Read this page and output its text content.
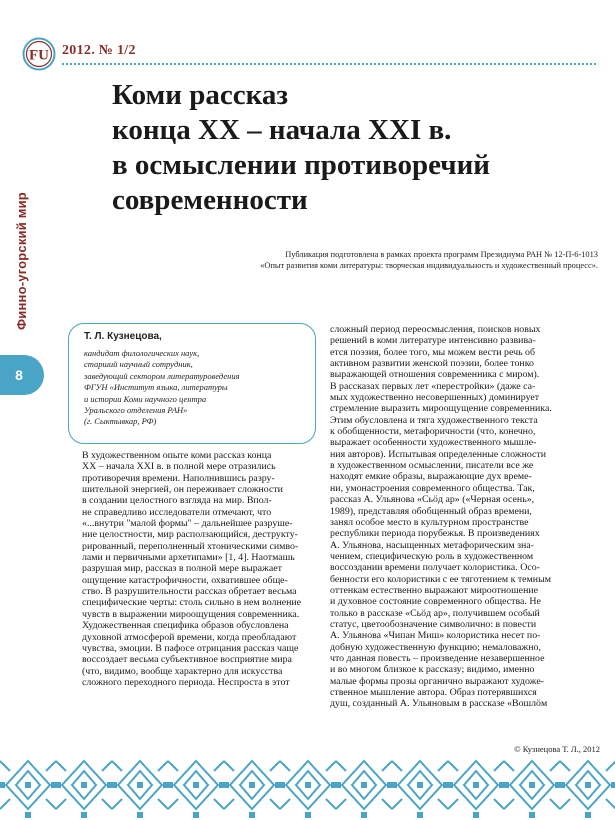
FU 2012. № 1/2
Коми рассказ
конца XX – начала XXI в.
в осмыслении противоречий
современности
Публикация подготовлена в рамках проекта программ Президиума РАН № 12-П-6-1013
«Опыт развития коми литературы: творческая индивидуальность и художественный процесс».
Финно-угорский мир
8
Т. Л. Кузнецова,
кандидат филологических наук,
старший научный сотрудник,
заведующий сектором литературоведения
ФГУН «Институт языка, литературы
и истории Коми научного центра
Уральского отделения РАН»
(г. Сыктывкар, РФ)
В художественном опыте коми рассказ конца
XX – начала XXI в. в полной мере отразились
противоречия времени. Наполнившись разру-
шительной энергией, он переживает сложности
в создании целостного взгляда на мир. Впол-
не справедливо исследователи отмечают, что
«...внутри "малой формы" – дальнейшее разруше-
ние целостности, мир расползающийся, деструкту-
рированный, переполненный хтоническими симво-
лами и первичными архетипами» [1, 4]. Наотмашь
разрушая мир, рассказ в полной мере выражает
ощущение катастрофичности, охватившее обще-
ство. В разрушительности рассказ обретает весьма
специфические черты: столь сильно в нем волнение
чувств в выражении мироощущения современника.
Художественная специфика образов обусловлена
духовной атмосферой времени, когда преобладают
чувства, эмоции. В пафосе отрицания рассказ чаще
воссоздает весьма субъективное восприятие мира
(что, видимо, вообще характерно для искусства
сложного переходного периода. Неспроста в этот
сложный период переосмысления, поисков новых
решений в коми литературе интенсивно развива-
ется поэзия, более того, мы можем вести речь об
активном развитии женской поэзии, более тонко
выражающей отношения современника с миром).
В рассказах первых лет «перестройки» (даже са-
мых художественно несовершенных) доминирует
стремление выразить мироощущение современника.
Этим обусловлена и тяга художественного текста
к обобщенности, метафоричности (что, конечно,
выражает особенности художественного мышле-
ния авторов). Испытывая определенные сложности
в художественном осмыслении, писатели все же
находят емкие образы, выражающие дух време-
ни, умонастроения современного общества. Так,
рассказ А. Ульянова «Сьӧд ар» («Черная осень»,
1989), представляя обобщенный образ времени,
занял особое место в культурном пространстве
республики периода порубежья. В произведениях
А. Ульянова, насыщенных метафорическим зна-
чением, специфическую роль в художественном
воссоздании времени получает колористика. Осо-
бенности его колористики с ее тяготением к темным
оттенкам естественно выражают мироотношение
и духовное состояние современного общества. Не
только в рассказе «Сьӧд ар», получившем особый
статус, цветообозначение символично: в повести
А. Ульянова «Чипан Миш» колористика несет по-
добную художественную функцию; немаловажно,
что данная повесть – произведение незавершенное
и во многом близкое к рассказу; видимо, именно
малые формы прозы органично выражают художе-
ственное мышление автора. Образ потерявшихся
душ, созданный А. Ульяновым в рассказе «Вошлӧм
© Кузнецова Т. Л., 2012
